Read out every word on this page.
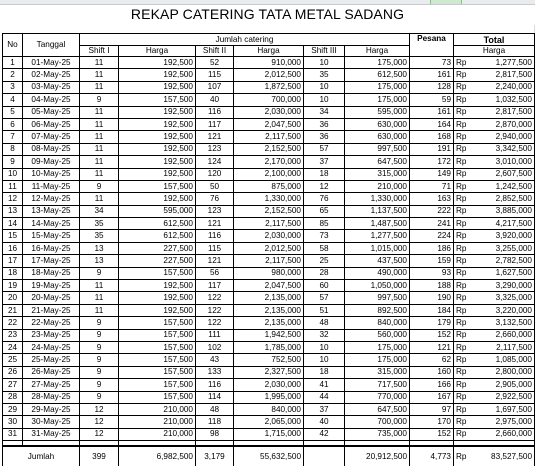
REKAP CATERING TATA METAL SADANG
No	Tanggal	Jumlah catering						Pesana	Total	
		Shift I	Harga	Shift II	Harga	Shift III	Harga		Harga	
1	01-May-25	11	192,500	52	910,000	10	175,000	73	Rp	1,277,500
2	02-May-25	11	192,500	115	2,012,500	35	612,500	161	Rp	2,817,500
3	03-May-25	11	192,500	107	1,872,500	10	175,000	128	Rp	2,240,000
4	04-May-25	9	157,500	40	700,000	10	175,000	59	Rp	1,032,500
5	05-May-25	11	192,500	116	2,030,000	34	595,000	161	Rp	2,817,500
6	06-May-25	11	192,500	117	2,047,500	36	630,000	164	Rp	2,870,000
7	07-May-25	11	192,500	121	2,117,500	36	630,000	168	Rp	2,940,000
8	08-May-25	11	192,500	123	2,152,500	57	997,500	191	Rp	3,342,500
9	09-May-25	11	192,500	124	2,170,000	37	647,500	172	Rp	3,010,000
10	10-May-25	11	192,500	120	2,100,000	18	315,000	149	Rp	2,607,500
11	11-May-25	9	157,500	50	875,000	12	210,000	71	Rp	1,242,500
12	12-May-25	11	192,500	76	1,330,000	76	1,330,000	163	Rp	2,852,500
13	13-May-25	34	595,000	123	2,152,500	65	1,137,500	222	Rp	3,885,000
14	14-May-25	35	612,500	121	2,117,500	85	1,487,500	241	Rp	4,217,500
15	15-May-25	35	612,500	116	2,030,000	73	1,277,500	224	Rp	3,920,000
16	16-May-25	13	227,500	115	2,012,500	58	1,015,000	186	Rp	3,255,000
17	17-May-25	13	227,500	121	2,117,500	25	437,500	159	Rp	2,782,500
18	18-May-25	9	157,500	56	980,000	28	490,000	93	Rp	1,627,500
19	19-May-25	11	192,500	117	2,047,500	60	1,050,000	188	Rp	3,290,000
20	20-May-25	11	192,500	122	2,135,000	57	997,500	190	Rp	3,325,000
21	21-May-25	11	192,500	122	2,135,000	51	892,500	184	Rp	3,220,000
22	22-May-25	9	157,500	122	2,135,000	48	840,000	179	Rp	3,132,500
23	23-May-25	9	157,500	111	1,942,500	32	560,000	152	Rp	2,660,000
24	24-May-25	9	157,500	102	1,785,000	10	175,000	121	Rp	2,117,500
25	25-May-25	9	157,500	43	752,500	10	175,000	62	Rp	1,085,000
26	26-May-25	9	157,500	133	2,327,500	18	315,000	160	Rp	2,800,000
27	27-May-25	9	157,500	116	2,030,000	41	717,500	166	Rp	2,905,000
28	28-May-25	9	157,500	114	1,995,000	44	770,000	167	Rp	2,922,500
29	29-May-25	12	210,000	48	840,000	37	647,500	97	Rp	1,697,500
30	30-May-25	12	210,000	118	2,065,000	40	700,000	170	Rp	2,975,000
31	31-May-25	12	210,000	98	1,715,000	42	735,000	152	Rp	2,660,000

Jumlah		399	6,982,500	3,179	55,632,500		20,912,500	4,773	Rp	83,527,500
